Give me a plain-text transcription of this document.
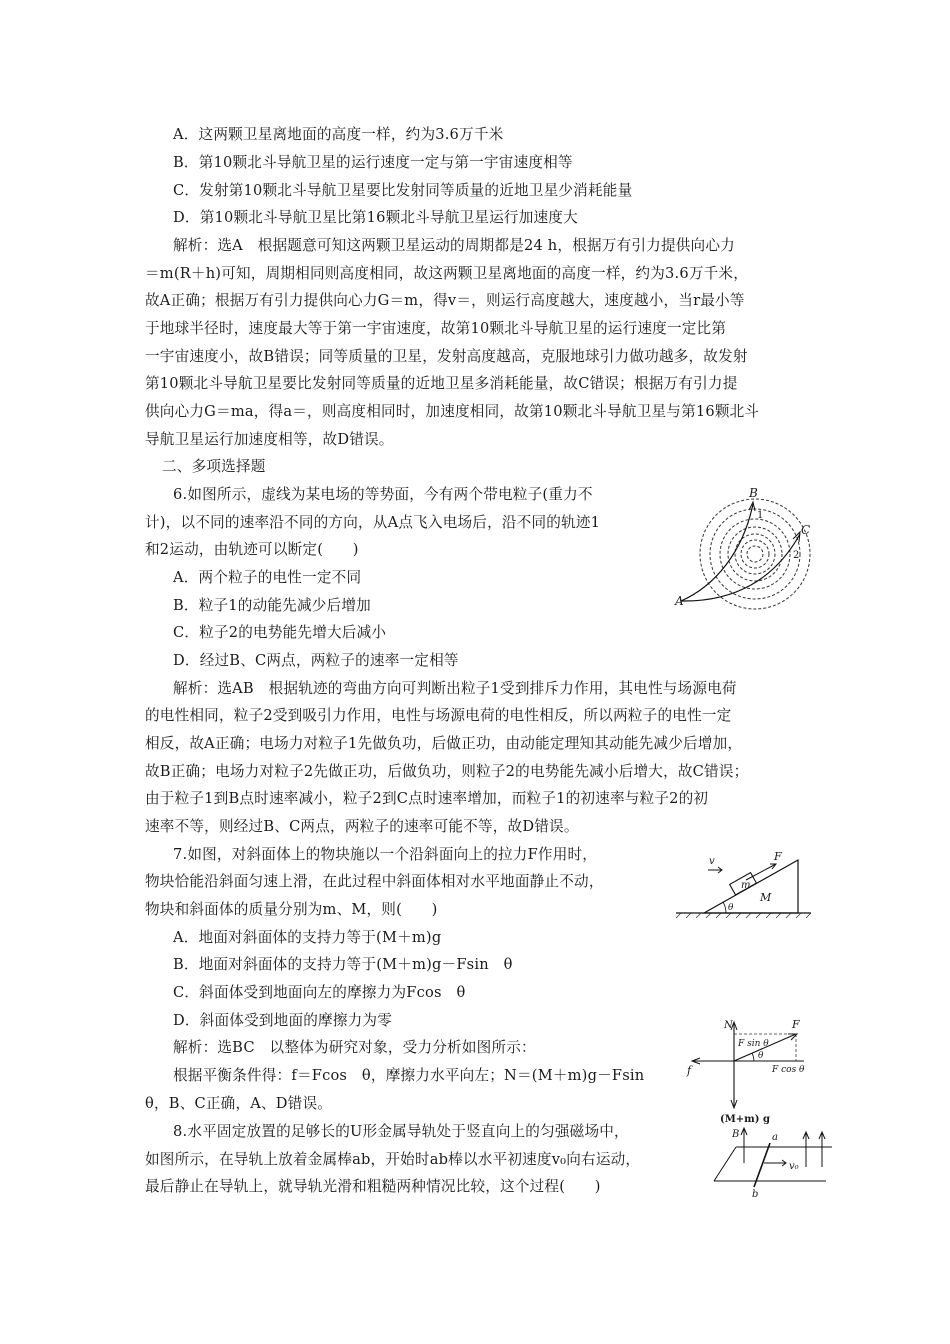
A．这两颗卫星离地面的高度一样，约为3.6万千米
B．第10颗北斗导航卫星的运行速度一定与第一宇宙速度相等
C．发射第10颗北斗导航卫星要比发射同等质量的近地卫星少消耗能量
D．第10颗北斗导航卫星比第16颗北斗导航卫星运行加速度大
解析：选A　根据题意可知这两颗卫星运动的周期都是24 h，根据万有引力提供向心力
＝m(R＋h)可知，周期相同则高度相同，故这两颗卫星离地面的高度一样，约为3.6万千米，
故A正确；根据万有引力提供向心力G＝m，得v＝，则运行高度越大，速度越小，当r最小等
于地球半径时，速度最大等于第一宇宙速度，故第10颗北斗导航卫星的运行速度一定比第
一宇宙速度小，故B错误；同等质量的卫星，发射高度越高，克服地球引力做功越多，故发射
第10颗北斗导航卫星要比发射同等质量的近地卫星多消耗能量，故C错误；根据万有引力提
供向心力G＝ma，得a＝，则高度相同时，加速度相同，故第10颗北斗导航卫星与第16颗北斗
导航卫星运行加速度相等，故D错误。
二、多项选择题
6.如图所示，虚线为某电场的等势面，今有两个带电粒子(重力不
计)，以不同的速率沿不同的方向，从A点飞入电场后，沿不同的轨迹1
和2运动，由轨迹可以断定(　　)
A．两个粒子的电性一定不同
B．粒子1的动能先减少后增加
C．粒子2的电势能先增大后减小
D．经过B、C两点，两粒子的速率一定相等
解析：选AB　根据轨迹的弯曲方向可判断出粒子1受到排斥力作用，其电性与场源电荷
的电性相同，粒子2受到吸引力作用，电性与场源电荷的电性相反，所以两粒子的电性一定
相反，故A正确；电场力对粒子1先做负功，后做正功，由动能定理知其动能先减少后增加，
故B正确；电场力对粒子2先做正功，后做负功，则粒子2的电势能先减小后增大，故C错误；
由于粒子1到B点时速率减小，粒子2到C点时速率增加，而粒子1的初速率与粒子2的初
速率不等，则经过B、C两点，两粒子的速率可能不等，故D错误。
B
C
A
1
2
7.如图，对斜面体上的物块施以一个沿斜面向上的拉力F作用时，
物块恰能沿斜面匀速上滑，在此过程中斜面体相对水平地面静止不动，
物块和斜面体的质量分别为m、M，则(　　)
A．地面对斜面体的支持力等于(M＋m)g
B．地面对斜面体的支持力等于(M＋m)g－Fsin　θ
C．斜面体受到地面向左的摩擦力为Fcos　θ
D．斜面体受到地面的摩擦力为零
解析：选BC　以整体为研究对象，受力分析如图所示：
根据平衡条件得：f＝Fcos　θ，摩擦力水平向左；N＝(M＋m)g－Fsin
θ，B、C正确，A、D错误。
v	F
m
M
θ
N	F
F sin θ
θ
F cos θ
f
(M+m) g
8.水平固定放置的足够长的U形金属导轨处于竖直向上的匀强磁场中，
如图所示，在导轨上放着金属棒ab，开始时ab棒以水平初速度v₀向右运动，
最后静止在导轨上，就导轨光滑和粗糙两种情况比较，这个过程(　　)
B	a
b
v₀
